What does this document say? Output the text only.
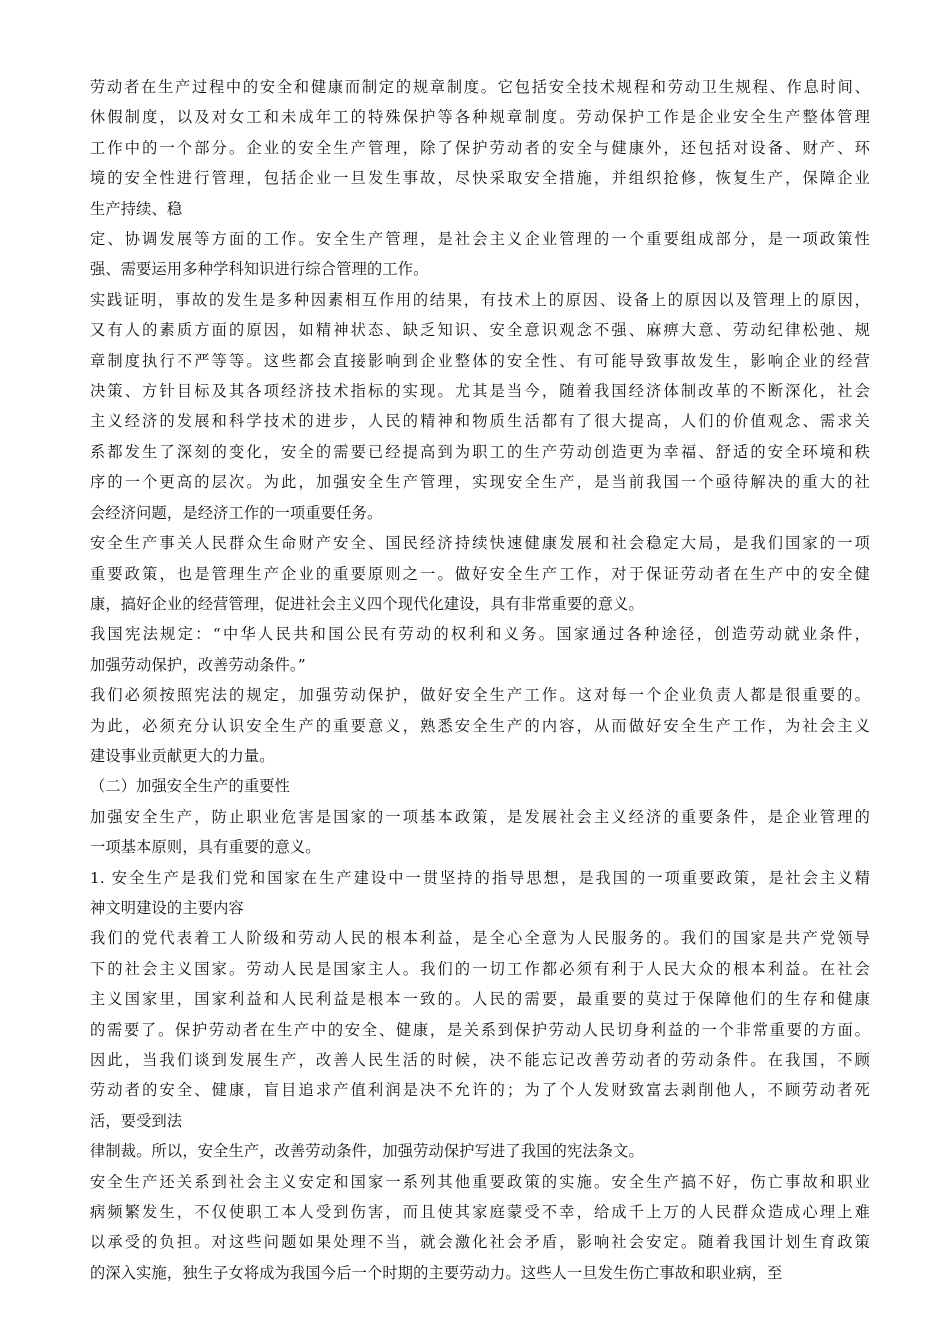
劳动者在生产过程中的安全和健康而制定的规章制度。它包括安全技术规程和劳动卫生规程、作息时间、
休假制度，以及对女工和未成年工的特殊保护等各种规章制度。劳动保护工作是企业安全生产整体管理
工作中的一个部分。企业的安全生产管理，除了保护劳动者的安全与健康外，还包括对设备、财产、环
境的安全性进行管理，包括企业一旦发生事故，尽快采取安全措施，并组织抢修，恢复生产，保障企业
生产持续、稳
定、协调发展等方面的工作。安全生产管理，是社会主义企业管理的一个重要组成部分，是一项政策性
强、需要运用多种学科知识进行综合管理的工作。
实践证明，事故的发生是多种因素相互作用的结果，有技术上的原因、设备上的原因以及管理上的原因，
又有人的素质方面的原因，如精神状态、缺乏知识、安全意识观念不强、麻痹大意、劳动纪律松弛、规
章制度执行不严等等。这些都会直接影响到企业整体的安全性、有可能导致事故发生，影响企业的经营
决策、方针目标及其各项经济技术指标的实现。尤其是当今，随着我国经济体制改革的不断深化，社会
主义经济的发展和科学技术的进步，人民的精神和物质生活都有了很大提高，人们的价值观念、需求关
系都发生了深刻的变化，安全的需要已经提高到为职工的生产劳动创造更为幸福、舒适的安全环境和秩
序的一个更高的层次。为此，加强安全生产管理，实现安全生产，是当前我国一个亟待解决的重大的社
会经济问题，是经济工作的一项重要任务。
安全生产事关人民群众生命财产安全、国民经济持续快速健康发展和社会稳定大局，是我们国家的一项
重要政策，也是管理生产企业的重要原则之一。做好安全生产工作，对于保证劳动者在生产中的安全健
康，搞好企业的经营管理，促进社会主义四个现代化建设，具有非常重要的意义。
我国宪法规定：“中华人民共和国公民有劳动的权利和义务。国家通过各种途径，创造劳动就业条件，
加强劳动保护，改善劳动条件。”
我们必须按照宪法的规定，加强劳动保护，做好安全生产工作。这对每一个企业负责人都是很重要的。
为此，必须充分认识安全生产的重要意义，熟悉安全生产的内容，从而做好安全生产工作，为社会主义
建设事业贡献更大的力量。
（二）加强安全生产的重要性
加强安全生产，防止职业危害是国家的一项基本政策，是发展社会主义经济的重要条件，是企业管理的
一项基本原则，具有重要的意义。
1. 安全生产是我们党和国家在生产建设中一贯坚持的指导思想，是我国的一项重要政策，是社会主义精
神文明建设的主要内容
我们的党代表着工人阶级和劳动人民的根本利益，是全心全意为人民服务的。我们的国家是共产党领导
下的社会主义国家。劳动人民是国家主人。我们的一切工作都必须有利于人民大众的根本利益。在社会
主义国家里，国家利益和人民利益是根本一致的。人民的需要，最重要的莫过于保障他们的生存和健康
的需要了。保护劳动者在生产中的安全、健康，是关系到保护劳动人民切身利益的一个非常重要的方面。
因此，当我们谈到发展生产，改善人民生活的时候，决不能忘记改善劳动者的劳动条件。在我国，不顾
劳动者的安全、健康，盲目追求产值利润是决不允许的；为了个人发财致富去剥削他人，不顾劳动者死
活，要受到法
律制裁。所以，安全生产，改善劳动条件，加强劳动保护写进了我国的宪法条文。
安全生产还关系到社会主义安定和国家一系列其他重要政策的实施。安全生产搞不好，伤亡事故和职业
病频繁发生，不仅使职工本人受到伤害，而且使其家庭蒙受不幸，给成千上万的人民群众造成心理上难
以承受的负担。对这些问题如果处理不当，就会激化社会矛盾，影响社会安定。随着我国计划生育政策
的深入实施，独生子女将成为我国今后一个时期的主要劳动力。这些人一旦发生伤亡事故和职业病，至
